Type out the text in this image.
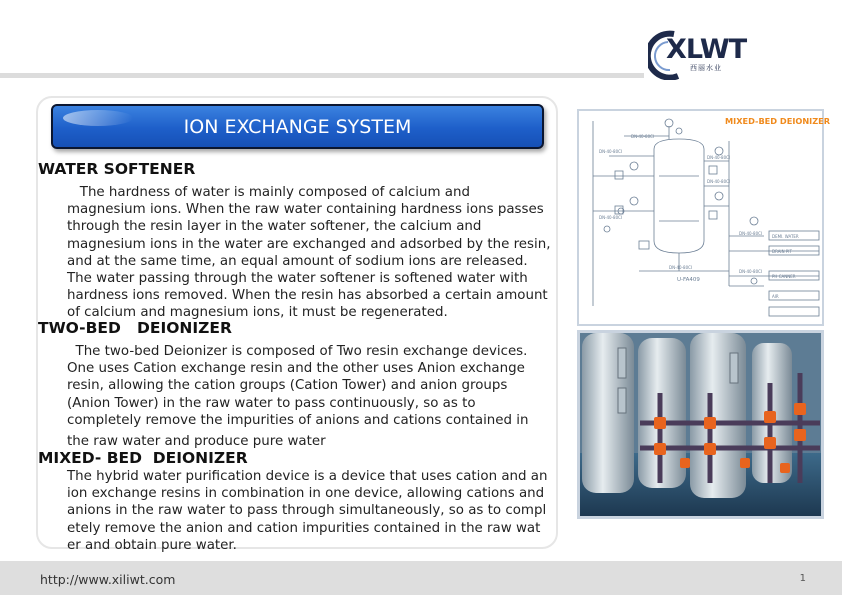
XLWT
西丽水业
ION EXCHANGE SYSTEM
WATER SOFTENER
The hardness of water is mainly composed of calcium and
magnesium ions. When the raw water containing hardness ions passes
through the resin layer in the water softener, the calcium and
magnesium ions in the water are exchanged and adsorbed by the resin,
and at the same time, an equal amount of sodium ions are released.
The water passing through the water softener is softened water with
hardness ions removed. When the resin has absorbed a certain amount
of calcium and magnesium ions, it must be regenerated.
TWO-BED   DEIONIZER
The two-bed Deionizer is composed of Two resin exchange devices.
One uses Cation exchange resin and the other uses Anion exchange
resin, allowing the cation groups (Cation Tower) and anion groups
(Anion Tower) in the raw water to pass continuously, so as to
completely remove the impurities of anions and cations contained in
the raw water and produce pure water
MIXED- BED  DEIONIZER
The hybrid water purification device is a device that uses cation and an
ion exchange resins in combination in one device, allowing cations and
anions in the raw water to pass through simultaneously, so as to compl
etely remove the anion and cation impurities contained in the raw wat
er and obtain pure water.
DN-40-80CI
DN-40-80CI
DN-40-80CI
DN-40-80CI
DN-40-80CI
DN-40-80CI
DN-40-80CI
DN-40-80CI
U-FA409
DEMI. WATER
DRAIN PIT
PH CANNER
AIR
MIXED-BED DEIONIZER
http://www.xiliwt.com	1
